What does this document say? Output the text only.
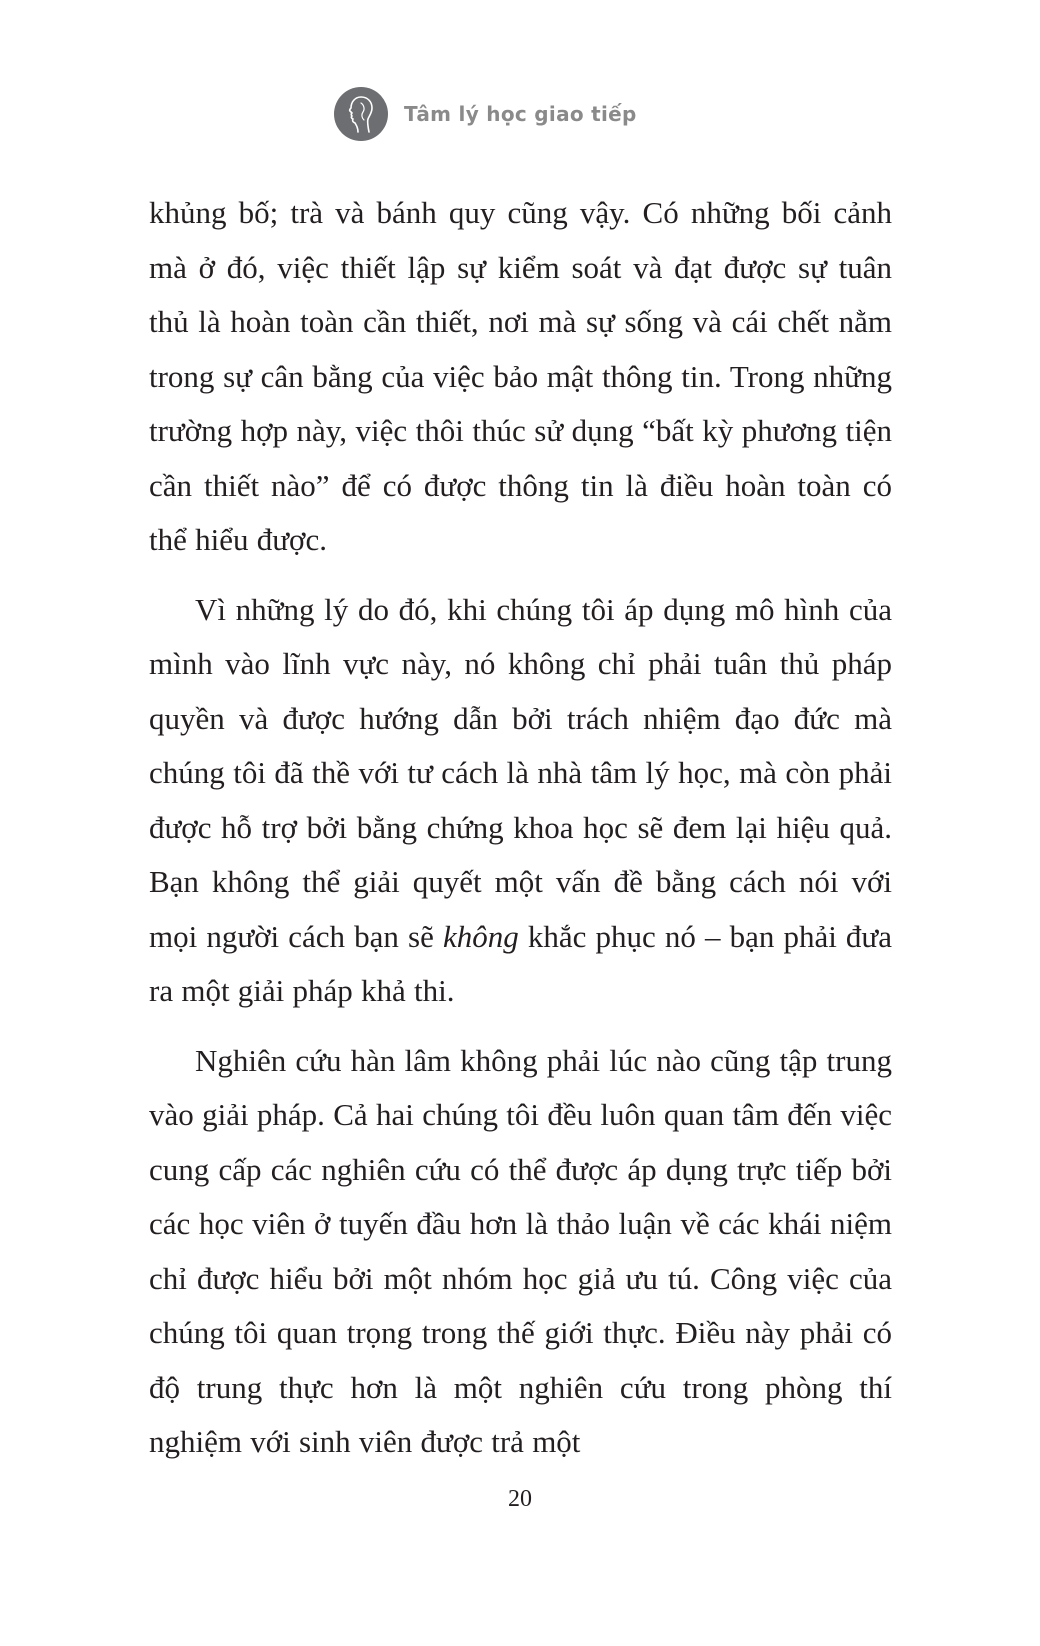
Tâm lý học giao tiếp

khủng bố; trà và bánh quy cũng vậy. Có những bối cảnh mà ở đó, việc thiết lập sự kiểm soát và đạt được sự tuân thủ là hoàn toàn cần thiết, nơi mà sự sống và cái chết nằm trong sự cân bằng của việc bảo mật thông tin. Trong những trường hợp này, việc thôi thúc sử dụng “bất kỳ phương tiện cần thiết nào” để có được thông tin là điều hoàn toàn có thể hiểu được.

Vì những lý do đó, khi chúng tôi áp dụng mô hình của mình vào lĩnh vực này, nó không chỉ phải tuân thủ pháp quyền và được hướng dẫn bởi trách nhiệm đạo đức mà chúng tôi đã thề với tư cách là nhà tâm lý học, mà còn phải được hỗ trợ bởi bằng chứng khoa học sẽ đem lại hiệu quả. Bạn không thể giải quyết một vấn đề bằng cách nói với mọi người cách bạn sẽ không khắc phục nó – bạn phải đưa ra một giải pháp khả thi.

Nghiên cứu hàn lâm không phải lúc nào cũng tập trung vào giải pháp. Cả hai chúng tôi đều luôn quan tâm đến việc cung cấp các nghiên cứu có thể được áp dụng trực tiếp bởi các học viên ở tuyến đầu hơn là thảo luận về các khái niệm chỉ được hiểu bởi một nhóm học giả ưu tú. Công việc của chúng tôi quan trọng trong thế giới thực. Điều này phải có độ trung thực hơn là một nghiên cứu trong phòng thí nghiệm với sinh viên được trả một

20
